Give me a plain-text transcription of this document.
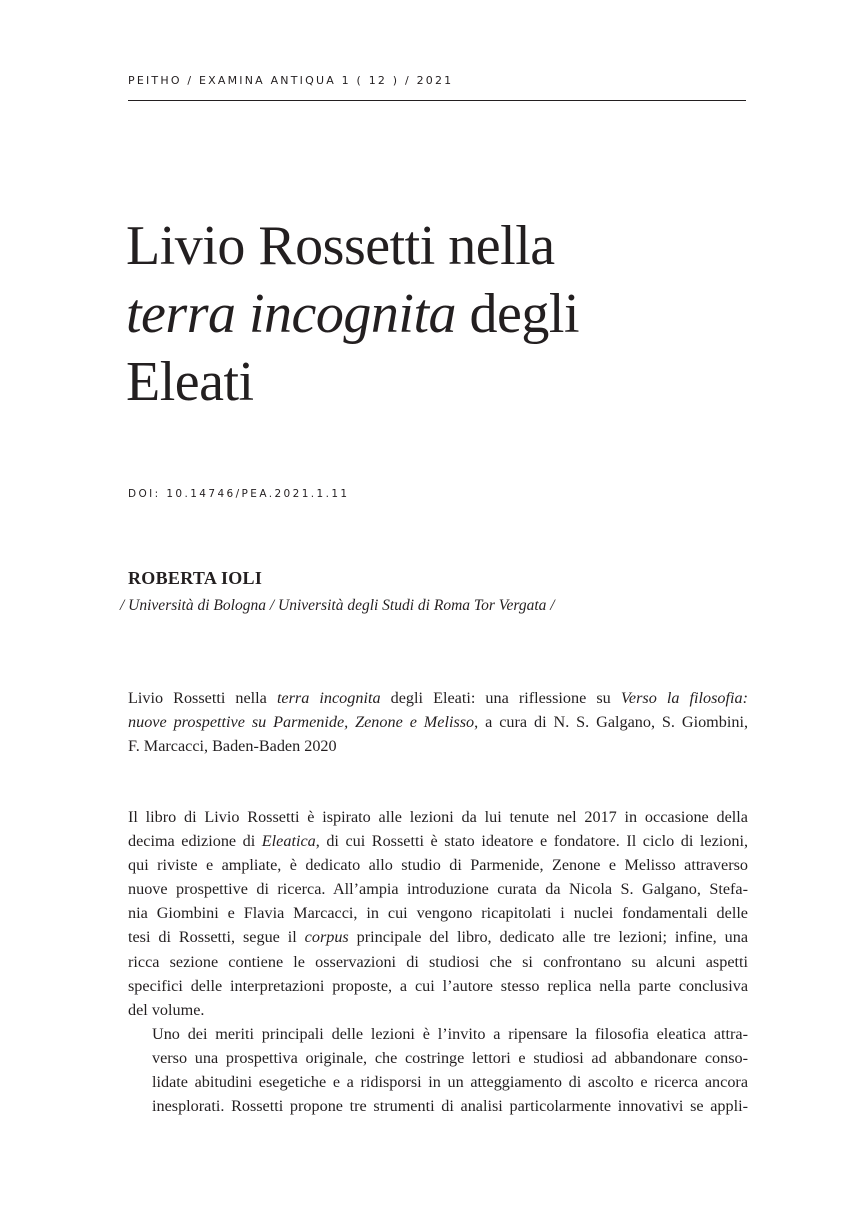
PEITHO / EXAMINA ANTIQUA 1 ( 12 ) / 2021
Livio Rossetti nella
terra incognita degli
Eleati
DOI: 10.14746/PEA.2021.1.11
ROBERTA IOLI
/ Università di Bologna / Università degli Studi di Roma Tor Vergata /
Livio Rossetti nella terra incognita degli Eleati: una riflessione su Verso la filosofia:
nuove prospettive su Parmenide, Zenone e Melisso, a cura di N. S. Galgano, S. Giombini,
F. Marcacci, Baden-Baden 2020

Il libro di Livio Rossetti è ispirato alle lezioni da lui tenute nel 2017 in occasione della
decima edizione di Eleatica, di cui Rossetti è stato ideatore e fondatore. Il ciclo di lezioni,
qui riviste e ampliate, è dedicato allo studio di Parmenide, Zenone e Melisso attraverso
nuove prospettive di ricerca. All’ampia introduzione curata da Nicola S. Galgano, Stefa-
nia Giombini e Flavia Marcacci, in cui vengono ricapitolati i nuclei fondamentali delle
tesi di Rossetti, segue il corpus principale del libro, dedicato alle tre lezioni; infine, una
ricca sezione contiene le osservazioni di studiosi che si confrontano su alcuni aspetti
specifici delle interpretazioni proposte, a cui l’autore stesso replica nella parte conclusiva
del volume.

Uno dei meriti principali delle lezioni è l’invito a ripensare la filosofia eleatica attra-
verso una prospettiva originale, che costringe lettori e studiosi ad abbandonare conso-
lidate abitudini esegetiche e a ridisporsi in un atteggiamento di ascolto e ricerca ancora
inesplorati. Rossetti propone tre strumenti di analisi particolarmente innovativi se appli-
